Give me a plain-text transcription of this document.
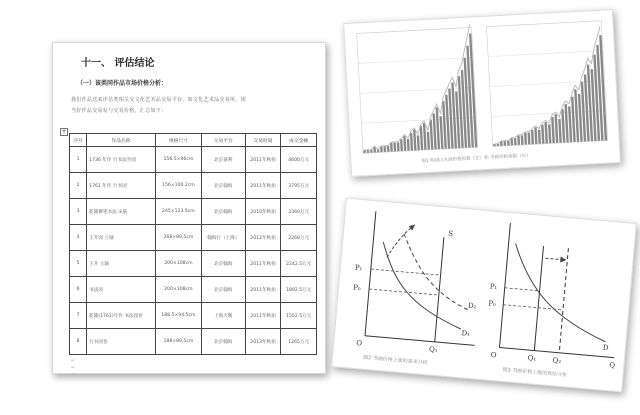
十一、 评估结论
（一）该类同作品市场价格分析：
我们作品送来评估类相关交文化艺术品交易平台，如文化艺术品交易所，相
当好作品交易易与交易价格，汇总如下：
+
序号	作品名称	规格尺寸	交易平台	交易时间	成交金额
1	1736 年作 行书法至园	156.5×96cm	北京嘉利	2011年秋拍	4600万元
2	1761 年作 行书园	156×100.2cm	北京翰海	2011年秋拍	3795万元
3	乾隆御笔书法 宋陆	245×123.5cm	北京翰海	2010年秋拍	3360万元
4	王升园 立轴	268×89.5cm	翰海行（上海）	2012年秋拍	2268万元
5	王升 立轴	200×108cm	北京翰海	2011年秋拍	2242.5万元
6	书法园	200×108cm	北京翰海	2011年秋拍	1892.5万元
7	乾隆(1761)年作 书法园卷	188.5×94.5cm	上海天衡	2011年秋拍	1552.5万元
8	行书园卷	188×89.5cm	北京翰海	2013年秋拍	1265万元
↵
↵
↵
图1 明清山水画价格指数（左）和 书画价格指数（右）
S
P₁
P₀
D₂
D₁
Q₁
O
图2 书画价格上涨的需求分析
P₁
P₀
D
Q₁ Q₂
Q
O
图3 书画价格上涨的供给分析
